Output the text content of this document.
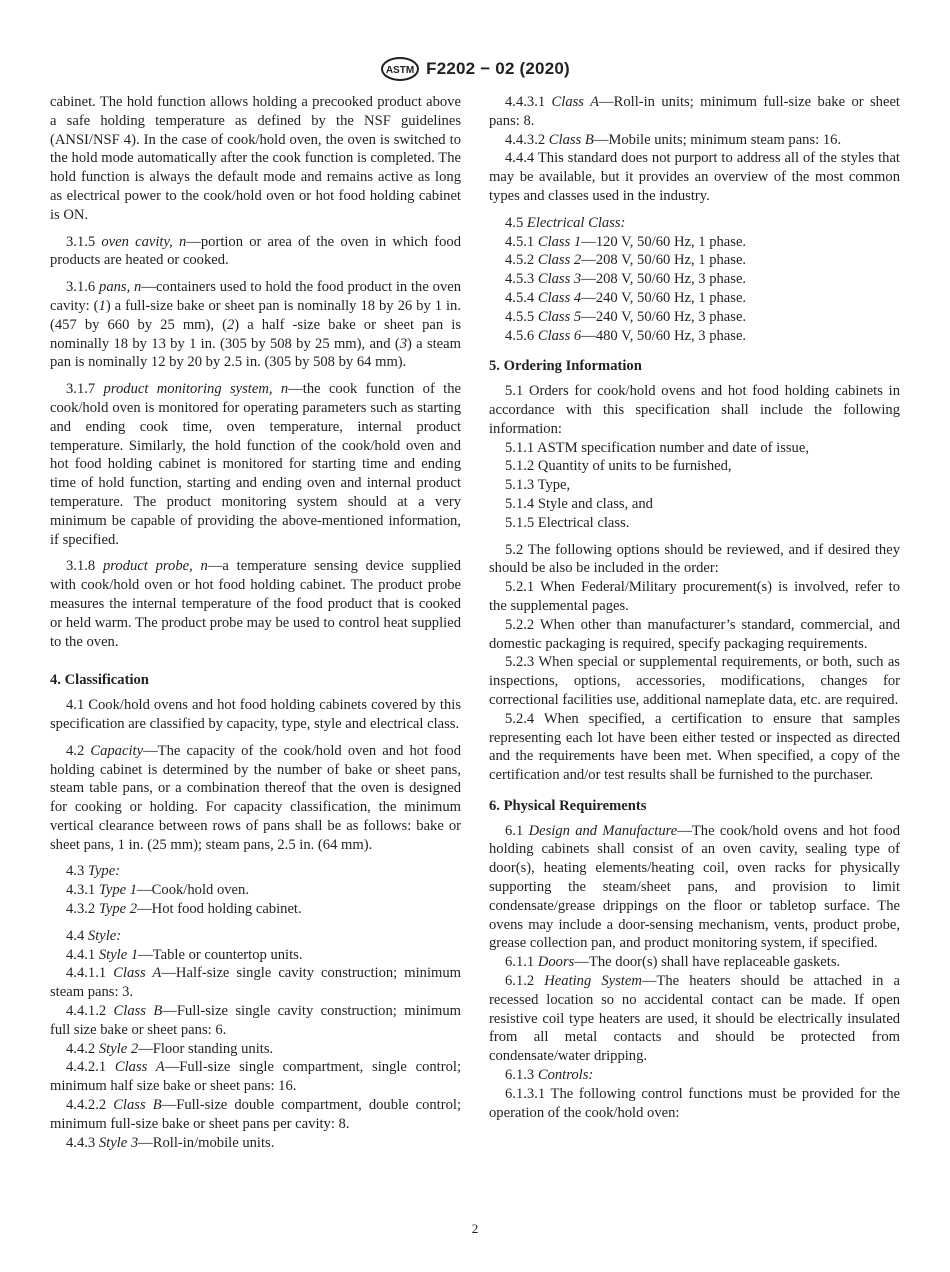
ASTM F2202 − 02 (2020)

cabinet. The hold function allows holding a precooked product above a safe holding temperature as defined by the NSF guidelines (ANSI/NSF 4). In the case of cook/hold oven, the oven is switched to the hold mode automatically after the cook function is completed. The hold function is always the default mode and remains active as long as electrical power to the cook/hold oven or hot food holding cabinet is ON.

3.1.5 oven cavity, n—portion or area of the oven in which food products are heated or cooked.

3.1.6 pans, n—containers used to hold the food product in the oven cavity: (1) a full-size bake or sheet pan is nominally 18 by 26 by 1 in. (457 by 660 by 25 mm), (2) a half -size bake or sheet pan is nominally 18 by 13 by 1 in. (305 by 508 by 25 mm), and (3) a steam pan is nominally 12 by 20 by 2.5 in. (305 by 508 by 64 mm).

3.1.7 product monitoring system, n—the cook function of the cook/hold oven is monitored for operating parameters such as starting and ending cook time, oven temperature, internal product temperature. Similarly, the hold function of the cook/hold oven and hot food holding cabinet is monitored for starting time and ending time of hold function, starting and ending oven and internal product temperature. The product monitoring system should at a very minimum be capable of providing the above-mentioned information, if specified.

3.1.8 product probe, n—a temperature sensing device supplied with cook/hold oven or hot food holding cabinet. The product probe measures the internal temperature of the food product that is cooked or held warm. The product probe may be used to control heat supplied to the oven.

4. Classification

4.1 Cook/hold ovens and hot food holding cabinets covered by this specification are classified by capacity, type, style and electrical class.

4.2 Capacity—The capacity of the cook/hold oven and hot food holding cabinet is determined by the number of bake or sheet pans, steam table pans, or a combination thereof that the oven is designed for cooking or holding. For capacity classification, the minimum vertical clearance between rows of pans shall be as follows: bake or sheet pans, 1 in. (25 mm); steam pans, 2.5 in. (64 mm).

4.3 Type:

4.3.1 Type 1—Cook/hold oven.

4.3.2 Type 2—Hot food holding cabinet.

4.4 Style:

4.4.1 Style 1—Table or countertop units.

4.4.1.1 Class A—Half-size single cavity construction; minimum steam pans: 3.

4.4.1.2 Class B—Full-size single cavity construction; minimum full size bake or sheet pans: 6.

4.4.2 Style 2—Floor standing units.

4.4.2.1 Class A—Full-size single compartment, single control; minimum half size bake or sheet pans: 16.

4.4.2.2 Class B—Full-size double compartment, double control; minimum full-size bake or sheet pans per cavity: 8.

4.4.3 Style 3—Roll-in/mobile units.

4.4.3.1 Class A—Roll-in units; minimum full-size bake or sheet pans: 8.

4.4.3.2 Class B—Mobile units; minimum steam pans: 16.

4.4.4 This standard does not purport to address all of the styles that may be available, but it provides an overview of the most common types and classes used in the industry.

4.5 Electrical Class:

4.5.1 Class 1—120 V, 50/60 Hz, 1 phase.

4.5.2 Class 2—208 V, 50/60 Hz, 1 phase.

4.5.3 Class 3—208 V, 50/60 Hz, 3 phase.

4.5.4 Class 4—240 V, 50/60 Hz, 1 phase.

4.5.5 Class 5—240 V, 50/60 Hz, 3 phase.

4.5.6 Class 6—480 V, 50/60 Hz, 3 phase.

5. Ordering Information

5.1 Orders for cook/hold ovens and hot food holding cabinets in accordance with this specification shall include the following information:

5.1.1 ASTM specification number and date of issue,

5.1.2 Quantity of units to be furnished,

5.1.3 Type,

5.1.4 Style and class, and

5.1.5 Electrical class.

5.2 The following options should be reviewed, and if desired they should be also be included in the order:

5.2.1 When Federal/Military procurement(s) is involved, refer to the supplemental pages.

5.2.2 When other than manufacturer’s standard, commercial, and domestic packaging is required, specify packaging requirements.

5.2.3 When special or supplemental requirements, or both, such as inspections, options, accessories, modifications, changes for correctional facilities use, additional nameplate data, etc. are required.

5.2.4 When specified, a certification to ensure that samples representing each lot have been either tested or inspected as directed and the requirements have been met. When specified, a copy of the certification and/or test results shall be furnished to the purchaser.

6. Physical Requirements

6.1 Design and Manufacture—The cook/hold ovens and hot food holding cabinets shall consist of an oven cavity, sealing type of door(s), heating elements/heating coil, oven racks for physically supporting the steam/sheet pans, and provision to limit condensate/grease drippings on the floor or tabletop surface. The ovens may include a door-sensing mechanism, vents, product probe, grease collection pan, and product monitoring system, if specified.

6.1.1 Doors—The door(s) shall have replaceable gaskets.

6.1.2 Heating System—The heaters should be attached in a recessed location so no accidental contact can be made. If open resistive coil type heaters are used, it should be electrically insulated from all metal contacts and should be protected from condensate/water dripping.

6.1.3 Controls:

6.1.3.1 The following control functions must be provided for the operation of the cook/hold oven:

2
